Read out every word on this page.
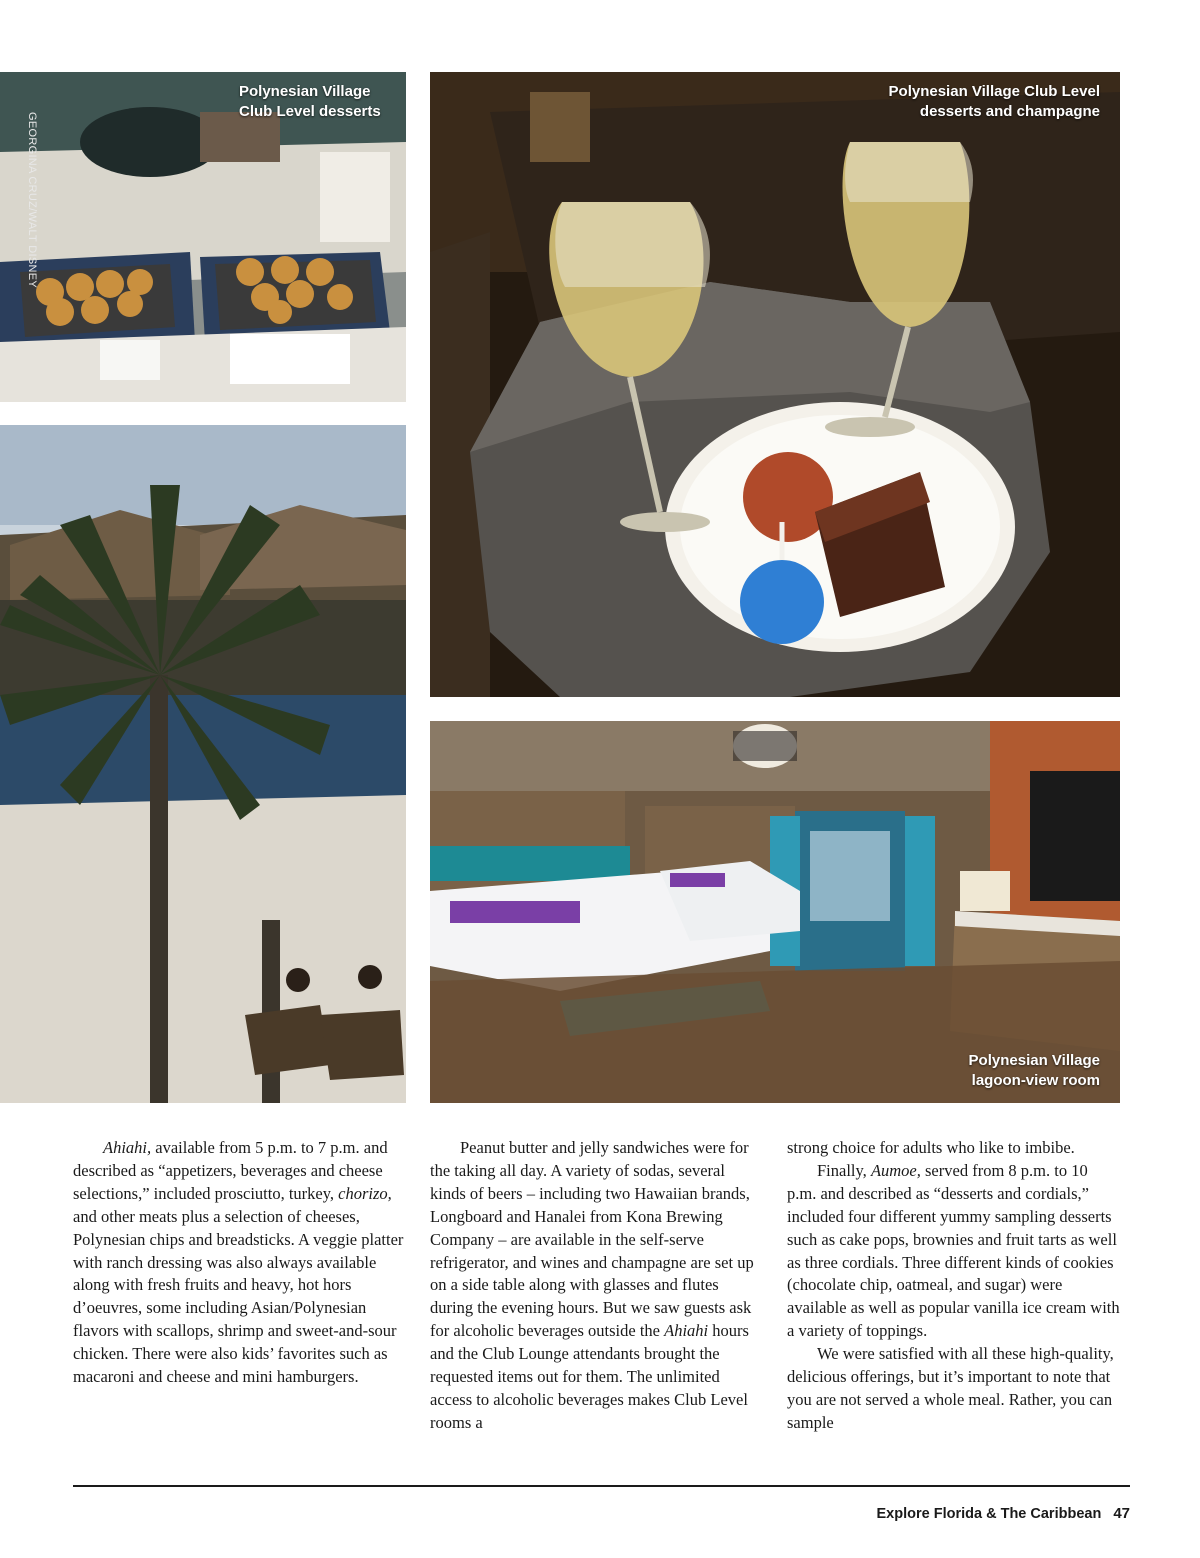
Polynesian Village
Club Level desserts
GEORGINA CRUZ/WALT DISNEY
Polynesian Village Club Level
desserts and champagne
Polynesian Village
lagoon-view room

Ahiahi, available from 5 p.m. to 7 p.m. and described as “appetizers, beverages and cheese selections,” included prosciutto, turkey, chorizo, and other meats plus a selection of cheeses, Polynesian chips and breadsticks. A veggie platter with ranch dressing was also always available along with fresh fruits and heavy, hot hors d’oeuvres, some including Asian/Polynesian flavors with scallops, shrimp and sweet-and-sour chicken. There were also kids’ favorites such as macaroni and cheese and mini hamburgers.

Peanut butter and jelly sandwiches were for the taking all day. A variety of sodas, several kinds of beers – including two Hawaiian brands, Longboard and Hanalei from Kona Brewing Company – are available in the self-serve refrigerator, and wines and champagne are set up on a side table along with glasses and flutes during the evening hours. But we saw guests ask for alcoholic beverages outside the Ahiahi hours and the Club Lounge attendants brought the requested items out for them. The unlimited access to alcoholic beverages makes Club Level rooms a

strong choice for adults who like to imbibe.

Finally, Aumoe, served from 8 p.m. to 10 p.m. and described as “desserts and cordials,” included four different yummy sampling desserts such as cake pops, brownies and fruit tarts as well as three cordials. Three different kinds of cookies (chocolate chip, oatmeal, and sugar) were available as well as popular vanilla ice cream with a variety of toppings.

We were satisfied with all these high-quality, delicious offerings, but it’s important to note that you are not served a whole meal. Rather, you can sample

Explore Florida & The Caribbean 47
